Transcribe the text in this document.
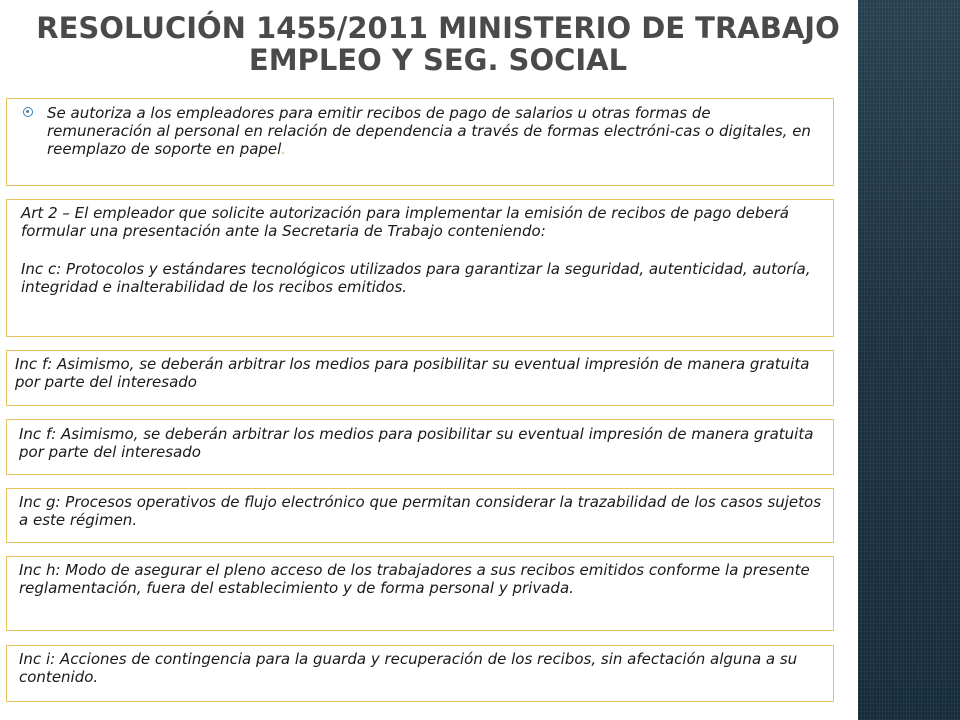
RESOLUCIÓN 1455/2011 MINISTERIO DE TRABAJO
EMPLEO Y SEG. SOCIAL

Se autoriza a los empleadores para emitir recibos de pago de salarios u otras formas de remuneración al personal en relación de dependencia a través de formas electróni-cas o digitales, en reemplazo de soporte en papel.

Art 2 – El empleador que solicite autorización para implementar la emisión de recibos de pago deberá formular una presentación ante la Secretaria de Trabajo conteniendo:

Inc c: Protocolos y estándares tecnológicos utilizados para garantizar la seguridad, autenticidad, autoría, integridad e inalterabilidad de los recibos emitidos.

Inc f: Asimismo, se deberán arbitrar los medios para posibilitar su eventual impresión de manera gratuita por parte del interesado

Inc f: Asimismo, se deberán arbitrar los medios para posibilitar su eventual impresión de manera gratuita por parte del interesado

Inc g: Procesos operativos de flujo electrónico que permitan considerar la trazabilidad de los casos sujetos a este régimen.

Inc h: Modo de asegurar el pleno acceso de los trabajadores a sus recibos emitidos conforme la presente reglamentación, fuera del establecimiento y de forma personal y privada.

Inc i: Acciones de contingencia para la guarda y recuperación de los recibos, sin afectación alguna a su contenido.
